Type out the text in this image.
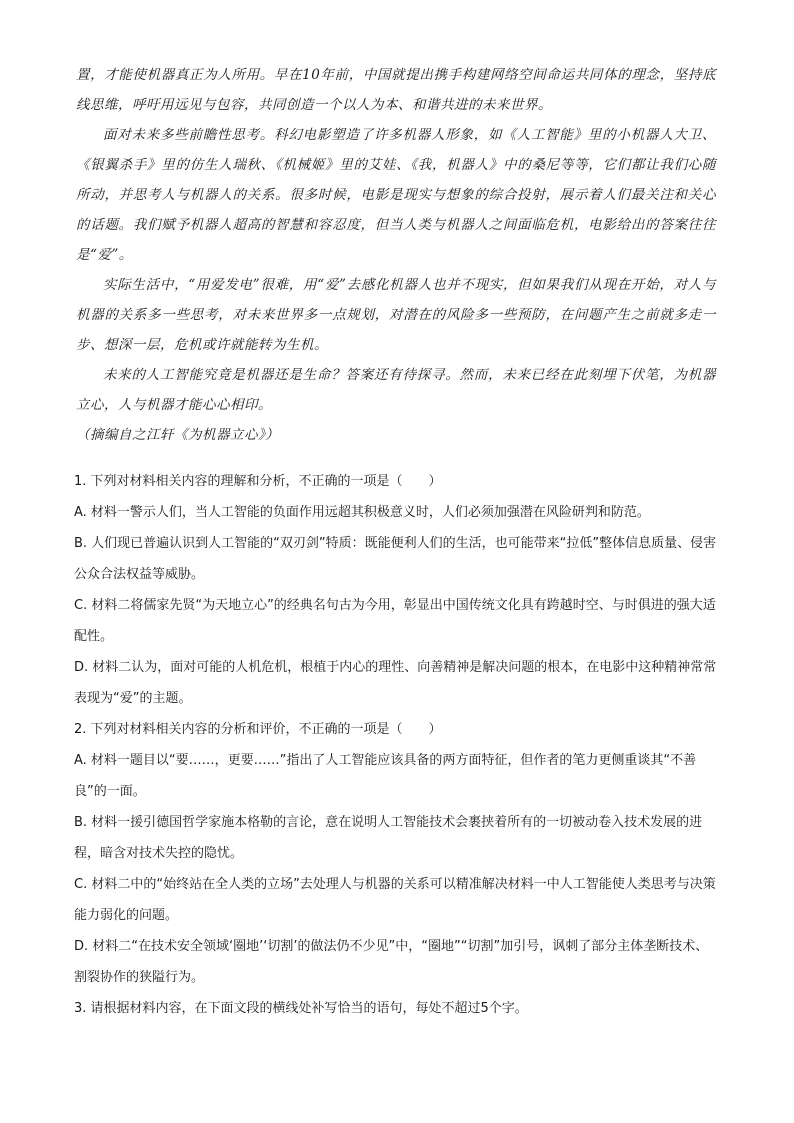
置，才能使机器真正为人所用。早在10年前，中国就提出携手构建网络空间命运共同体的理念，坚持底线思维，呼吁用远见与包容，共同创造一个以人为本、和谐共进的未来世界。

面对未来多些前瞻性思考。科幻电影塑造了许多机器人形象，如《人工智能》里的小机器人大卫、《银翼杀手》里的仿生人瑞秋、《机械姬》里的艾娃、《我，机器人》中的桑尼等等，它们都让我们心随所动，并思考人与机器人的关系。很多时候，电影是现实与想象的综合投射，展示着人们最关注和关心的话题。我们赋予机器人超高的智慧和容忍度，但当人类与机器人之间面临危机，电影给出的答案往往是“爱”。

实际生活中，“用爱发电”很难，用“爱”去感化机器人也并不现实，但如果我们从现在开始，对人与机器的关系多一些思考，对未来世界多一点规划，对潜在的风险多一些预防，在问题产生之前就多走一步、想深一层，危机或许就能转为生机。

未来的人工智能究竟是机器还是生命？答案还有待探寻。然而，未来已经在此刻埋下伏笔，为机器立心，人与机器才能心心相印。

（摘编自之江轩《为机器立心》）

1. 下列对材料相关内容的理解和分析，不正确的一项是（　　）

A. 材料一警示人们，当人工智能的负面作用远超其积极意义时，人们必须加强潜在风险研判和防范。

B. 人们现已普遍认识到人工智能的“双刃剑”特质：既能便利人们的生活，也可能带来“拉低”整体信息质量、侵害公众合法权益等威胁。

C. 材料二将儒家先贤“为天地立心”的经典名句古为今用，彰显出中国传统文化具有跨越时空、与时俱进的强大适配性。

D. 材料二认为，面对可能的人机危机，根植于内心的理性、向善精神是解决问题的根本，在电影中这种精神常常表现为“爱”的主题。

2. 下列对材料相关内容的分析和评价，不正确的一项是（　　）

A. 材料一题目以“要……，更要……”指出了人工智能应该具备的两方面特征，但作者的笔力更侧重谈其“不善良”的一面。

B. 材料一援引德国哲学家施本格勒的言论，意在说明人工智能技术会裹挟着所有的一切被动卷入技术发展的进程，暗含对技术失控的隐忧。

C. 材料二中的“始终站在全人类的立场”去处理人与机器的关系可以精准解决材料一中人工智能使人类思考与决策能力弱化的问题。

D. 材料二“在技术安全领域‘圈地’‘切割’的做法仍不少见”中，“圈地”“切割”加引号，讽刺了部分主体垄断技术、割裂协作的狭隘行为。

3. 请根据材料内容，在下面文段的横线处补写恰当的语句，每处不超过5个字。
